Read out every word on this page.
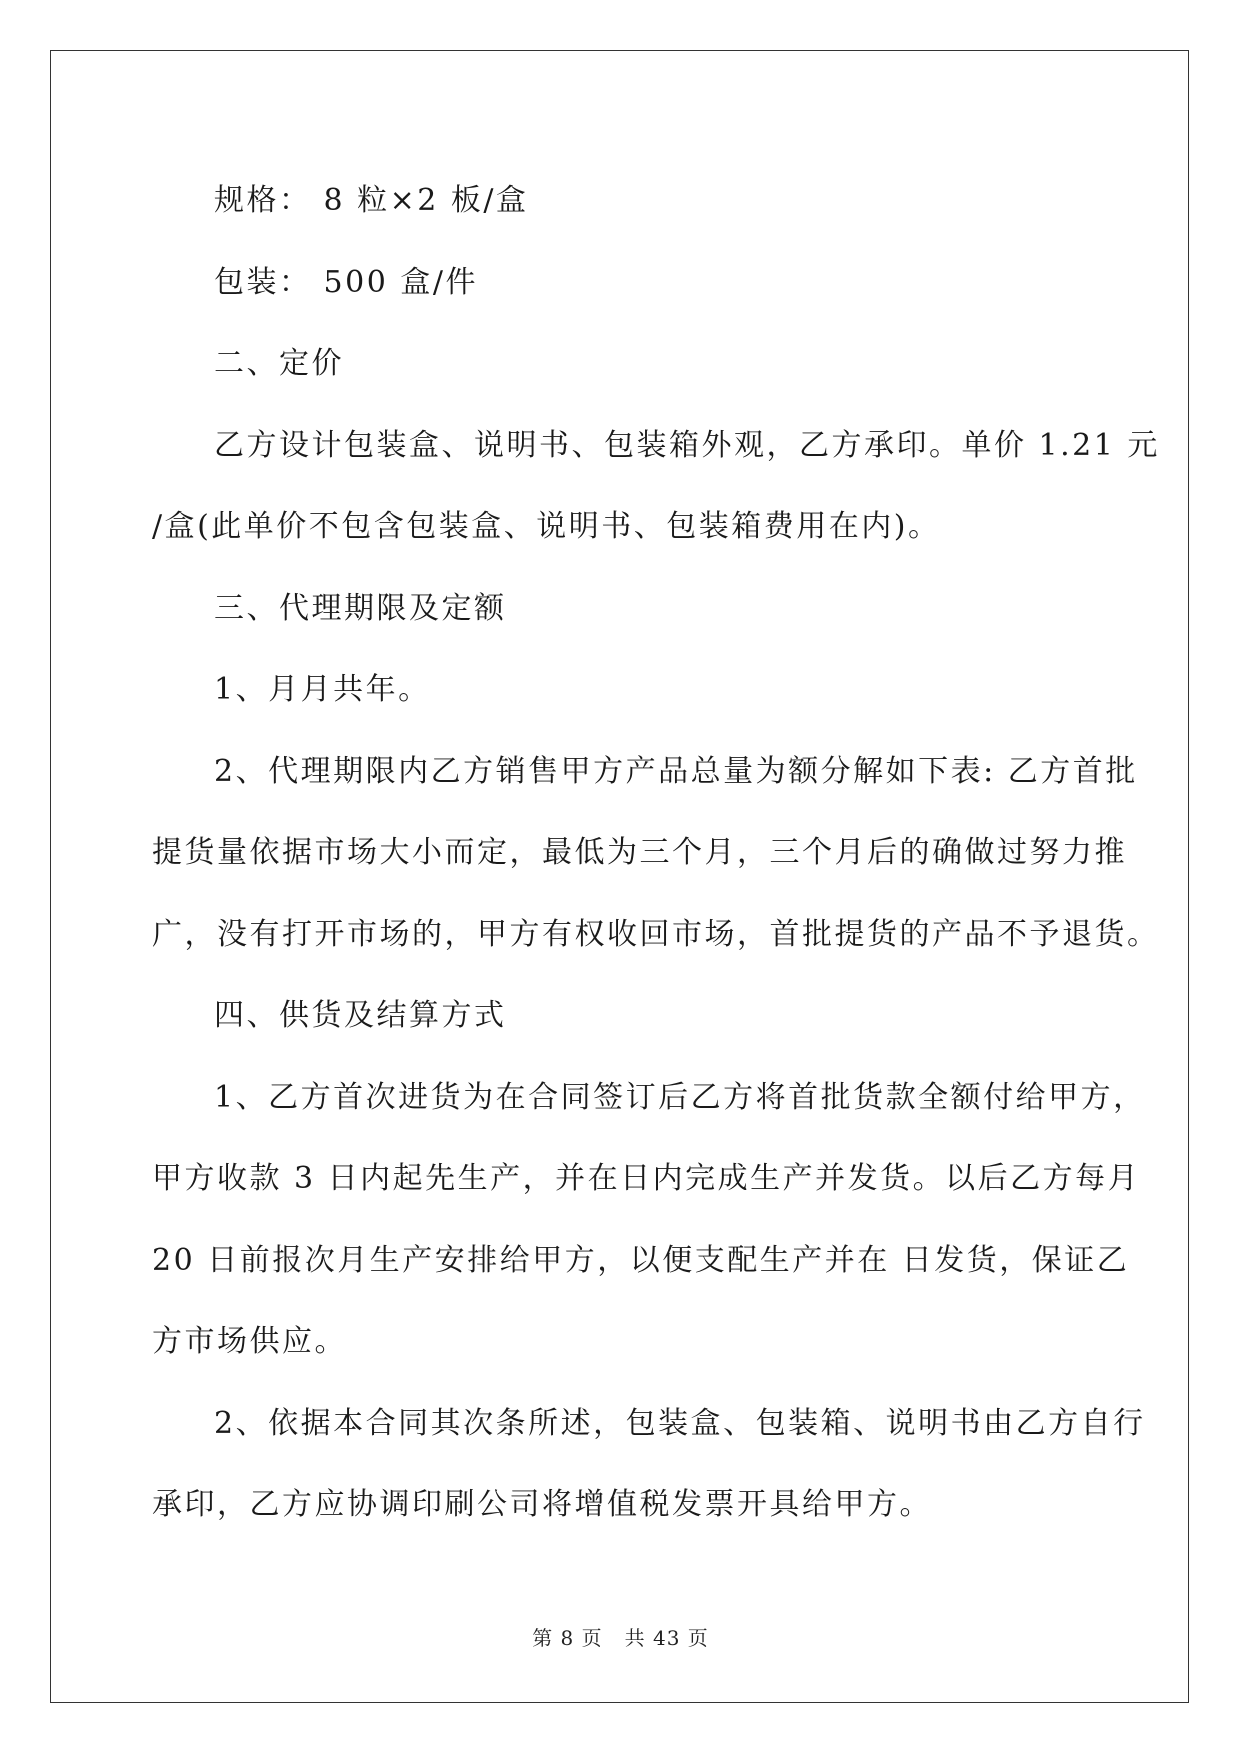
规格： 8 粒×2 板/盒

包装： 500 盒/件

二、定价

乙方设计包装盒、说明书、包装箱外观，乙方承印。单价 1.21 元
/盒(此单价不包含包装盒、说明书、包装箱费用在内)。

三、代理期限及定额

1、月月共年。

2、代理期限内乙方销售甲方产品总量为额分解如下表: 乙方首批
提货量依据市场大小而定，最低为三个月，三个月后的确做过努力推
广，没有打开市场的，甲方有权收回市场，首批提货的产品不予退货。

四、供货及结算方式

1、乙方首次进货为在合同签订后乙方将首批货款全额付给甲方，
甲方收款 3 日内起先生产，并在日内完成生产并发货。以后乙方每月
20 日前报次月生产安排给甲方，以便支配生产并在 日发货，保证乙
方市场供应。

2、依据本合同其次条所述，包装盒、包装箱、说明书由乙方自行
承印，乙方应协调印刷公司将增值税发票开具给甲方。

第 8 页 共 43 页
